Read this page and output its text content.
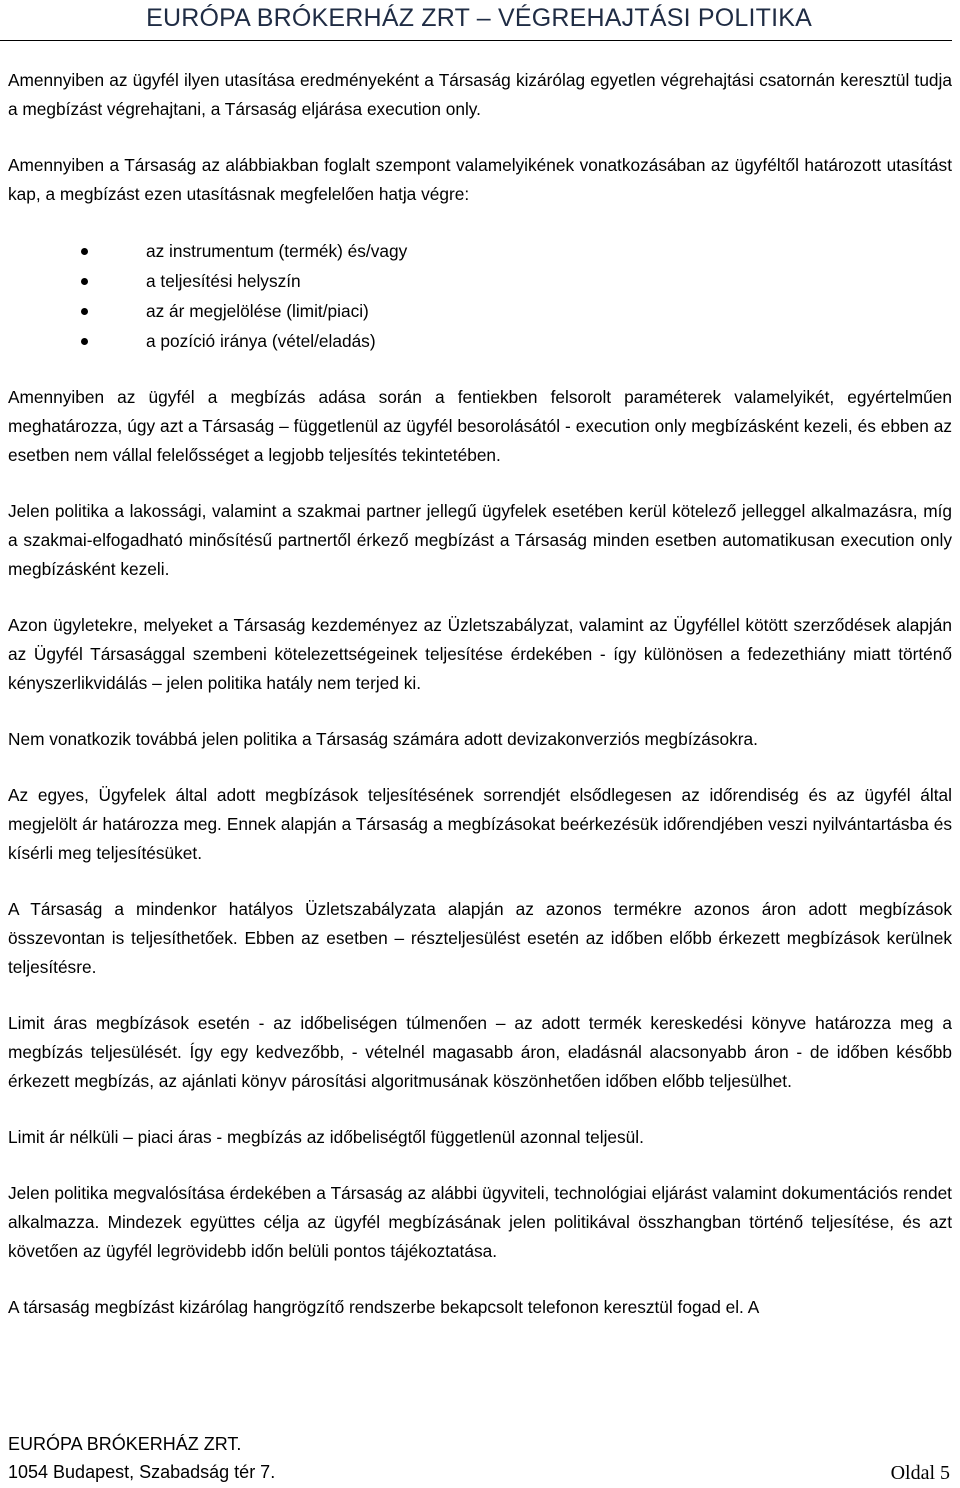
EURÓPA BRÓKERHÁZ ZRT – VÉGREHAJTÁSI POLITIKA

Amennyiben az ügyfél ilyen utasítása eredményeként a Társaság kizárólag egyetlen végrehajtási csatornán keresztül tudja a megbízást végrehajtani, a Társaság eljárása execution only.

Amennyiben a Társaság az alábbiakban foglalt szempont valamelyikének vonatkozásában az ügyféltől határozott utasítást kap, a megbízást ezen utasításnak megfelelően hatja végre:

az instrumentum (termék) és/vagy
a teljesítési helyszín
az ár megjelölése (limit/piaci)
a pozíció iránya (vétel/eladás)

Amennyiben az ügyfél a megbízás adása során a fentiekben felsorolt paraméterek valamelyikét, egyértelműen meghatározza, úgy azt a Társaság – függetlenül az ügyfél besorolásától - execution only megbízásként kezeli, és ebben az esetben nem vállal felelősséget a legjobb teljesítés tekintetében.

Jelen politika a lakossági, valamint a szakmai partner jellegű ügyfelek esetében kerül kötelező jelleggel alkalmazásra, míg a szakmai-elfogadható minősítésű partnertől érkező megbízást a Társaság minden esetben automatikusan execution only megbízásként kezeli.

Azon ügyletekre, melyeket a Társaság kezdeményez az Üzletszabályzat, valamint az Ügyféllel kötött szerződések alapján az Ügyfél Társasággal szembeni kötelezettségeinek teljesítése érdekében - így különösen a fedezethiány miatt történő kényszerlikvidálás – jelen politika hatály nem terjed ki.

Nem vonatkozik továbbá jelen politika a Társaság számára adott devizakonverziós megbízásokra.

Az egyes, Ügyfelek által adott megbízások teljesítésének sorrendjét elsődlegesen az időrendiség és az ügyfél által megjelölt ár határozza meg. Ennek alapján a Társaság a megbízásokat beérkezésük időrendjében veszi nyilvántartásba és kísérli meg teljesítésüket.

A Társaság a mindenkor hatályos Üzletszabályzata alapján az azonos termékre azonos áron adott megbízások összevontan is teljesíthetőek. Ebben az esetben – részteljesülést esetén az időben előbb érkezett megbízások kerülnek teljesítésre.

Limit áras megbízások esetén - az időbeliségen túlmenően – az adott termék kereskedési könyve határozza meg a megbízás teljesülését. Így egy kedvezőbb, - vételnél magasabb áron, eladásnál alacsonyabb áron - de időben később érkezett megbízás, az ajánlati könyv párosítási algoritmusának köszönhetően időben előbb teljesülhet.

Limit ár nélküli – piaci áras - megbízás az időbeliségtől függetlenül azonnal teljesül.

Jelen politika megvalósítása érdekében a Társaság az alábbi ügyviteli, technológiai eljárást valamint dokumentációs rendet alkalmazza. Mindezek együttes célja az ügyfél megbízásának jelen politikával összhangban történő teljesítése, és azt követően az ügyfél legrövidebb időn belüli pontos tájékoztatása.

A társaság megbízást kizárólag hangrögzítő rendszerbe bekapcsolt telefonon keresztül fogad el. A

EURÓPA BRÓKERHÁZ ZRT.
1054 Budapest, Szabadság tér 7.	Oldal 5
